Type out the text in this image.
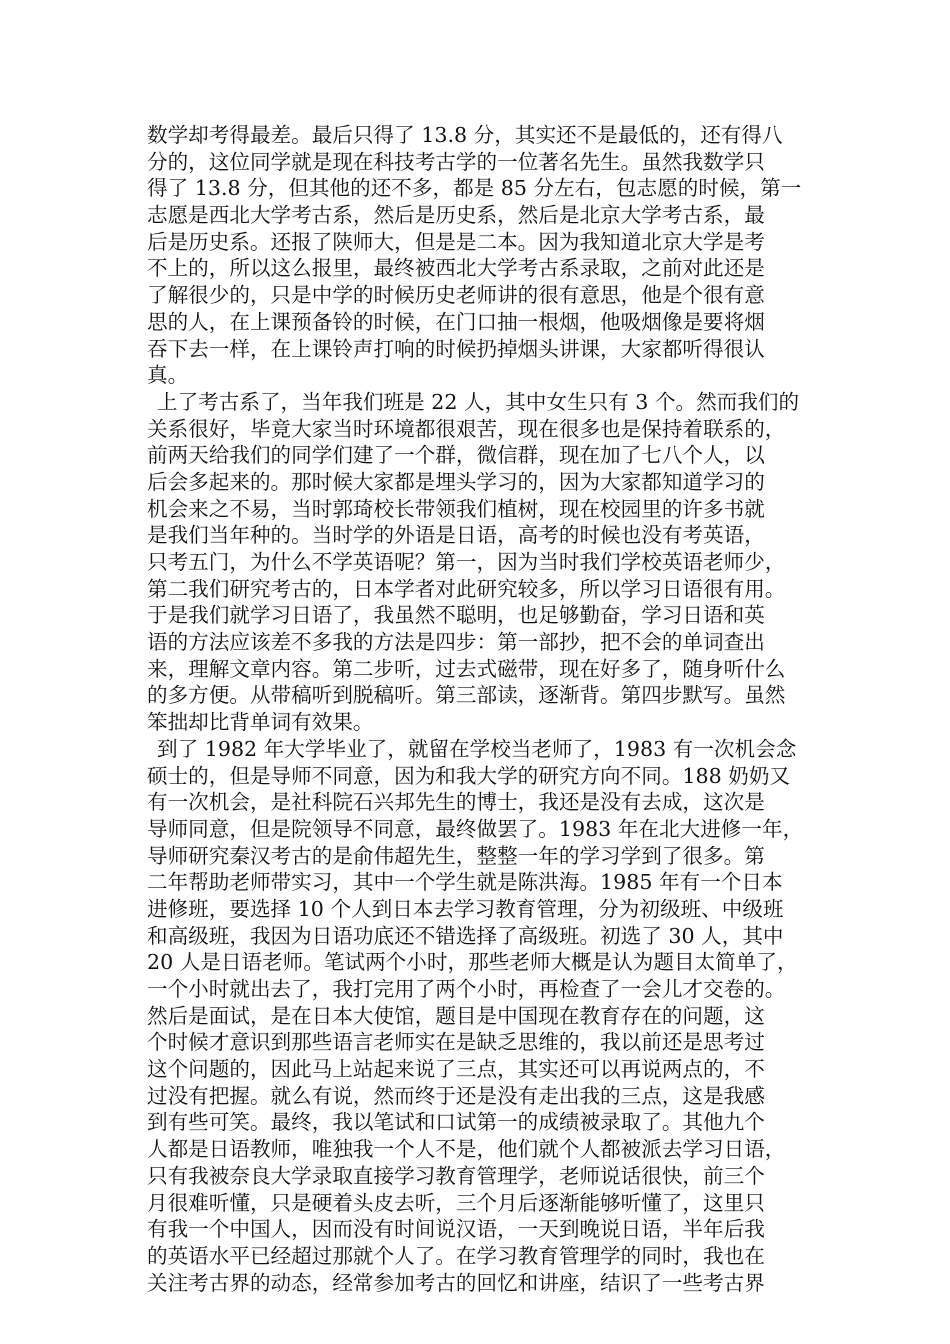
数学却考得最差。最后只得了 13.8 分，其实还不是最低的，还有得八
分的，这位同学就是现在科技考古学的一位著名先生。虽然我数学只
得了 13.8 分，但其他的还不多，都是 85 分左右，包志愿的时候，第一
志愿是西北大学考古系，然后是历史系，然后是北京大学考古系，最
后是历史系。还报了陕师大，但是是二本。因为我知道北京大学是考
不上的，所以这么报里，最终被西北大学考古系录取，之前对此还是
了解很少的，只是中学的时候历史老师讲的很有意思，他是个很有意
思的人，在上课预备铃的时候，在门口抽一根烟，他吸烟像是要将烟
吞下去一样，在上课铃声打响的时候扔掉烟头讲课，大家都听得很认
真。
上了考古系了，当年我们班是 22 人，其中女生只有 3 个。然而我们的
关系很好，毕竟大家当时环境都很艰苦，现在很多也是保持着联系的，
前两天给我们的同学们建了一个群，微信群，现在加了七八个人，以
后会多起来的。那时候大家都是埋头学习的，因为大家都知道学习的
机会来之不易，当时郭琦校长带领我们植树，现在校园里的许多书就
是我们当年种的。当时学的外语是日语，高考的时候也没有考英语，
只考五门，为什么不学英语呢？第一，因为当时我们学校英语老师少，
第二我们研究考古的，日本学者对此研究较多，所以学习日语很有用。
于是我们就学习日语了，我虽然不聪明，也足够勤奋，学习日语和英
语的方法应该差不多我的方法是四步：第一部抄，把不会的单词查出
来，理解文章内容。第二步听，过去式磁带，现在好多了，随身听什么
的多方便。从带稿听到脱稿听。第三部读，逐渐背。第四步默写。虽然
笨拙却比背单词有效果。
到了 1982 年大学毕业了，就留在学校当老师了，1983 有一次机会念
硕士的，但是导师不同意，因为和我大学的研究方向不同。188 奶奶又
有一次机会，是社科院石兴邦先生的博士，我还是没有去成，这次是
导师同意，但是院领导不同意，最终做罢了。1983 年在北大进修一年，
导师研究秦汉考古的是俞伟超先生，整整一年的学习学到了很多。第
二年帮助老师带实习，其中一个学生就是陈洪海。1985 年有一个日本
进修班，要选择 10 个人到日本去学习教育管理，分为初级班、中级班
和高级班，我因为日语功底还不错选择了高级班。初选了 30 人，其中
20 人是日语老师。笔试两个小时，那些老师大概是认为题目太简单了，
一个小时就出去了，我打完用了两个小时，再检查了一会儿才交卷的。
然后是面试，是在日本大使馆，题目是中国现在教育存在的问题，这
个时候才意识到那些语言老师实在是缺乏思维的，我以前还是思考过
这个问题的，因此马上站起来说了三点，其实还可以再说两点的，不
过没有把握。就么有说，然而终于还是没有走出我的三点，这是我感
到有些可笑。最终，我以笔试和口试第一的成绩被录取了。其他九个
人都是日语教师，唯独我一个人不是，他们就个人都被派去学习日语，
只有我被奈良大学录取直接学习教育管理学，老师说话很快，前三个
月很难听懂，只是硬着头皮去听，三个月后逐渐能够听懂了，这里只
有我一个中国人，因而没有时间说汉语，一天到晚说日语，半年后我
的英语水平已经超过那就个人了。在学习教育管理学的同时，我也在
关注考古界的动态，经常参加考古的回忆和讲座，结识了一些考古界
